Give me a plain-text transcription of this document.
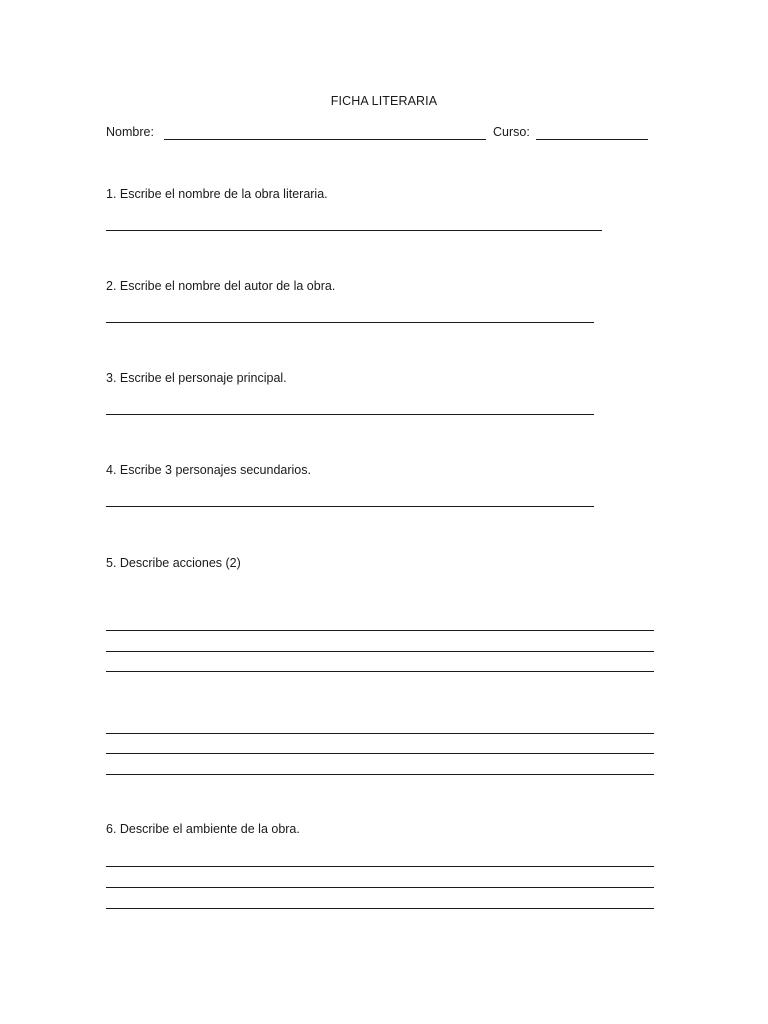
FICHA LITERARIA
Nombre:	Curso:
1. Escribe el nombre de la obra literaria.
2. Escribe el nombre del autor de la obra.
3. Escribe el personaje principal.
4. Escribe 3 personajes secundarios.
5. Describe acciones (2)
6. Describe el ambiente de la obra.
